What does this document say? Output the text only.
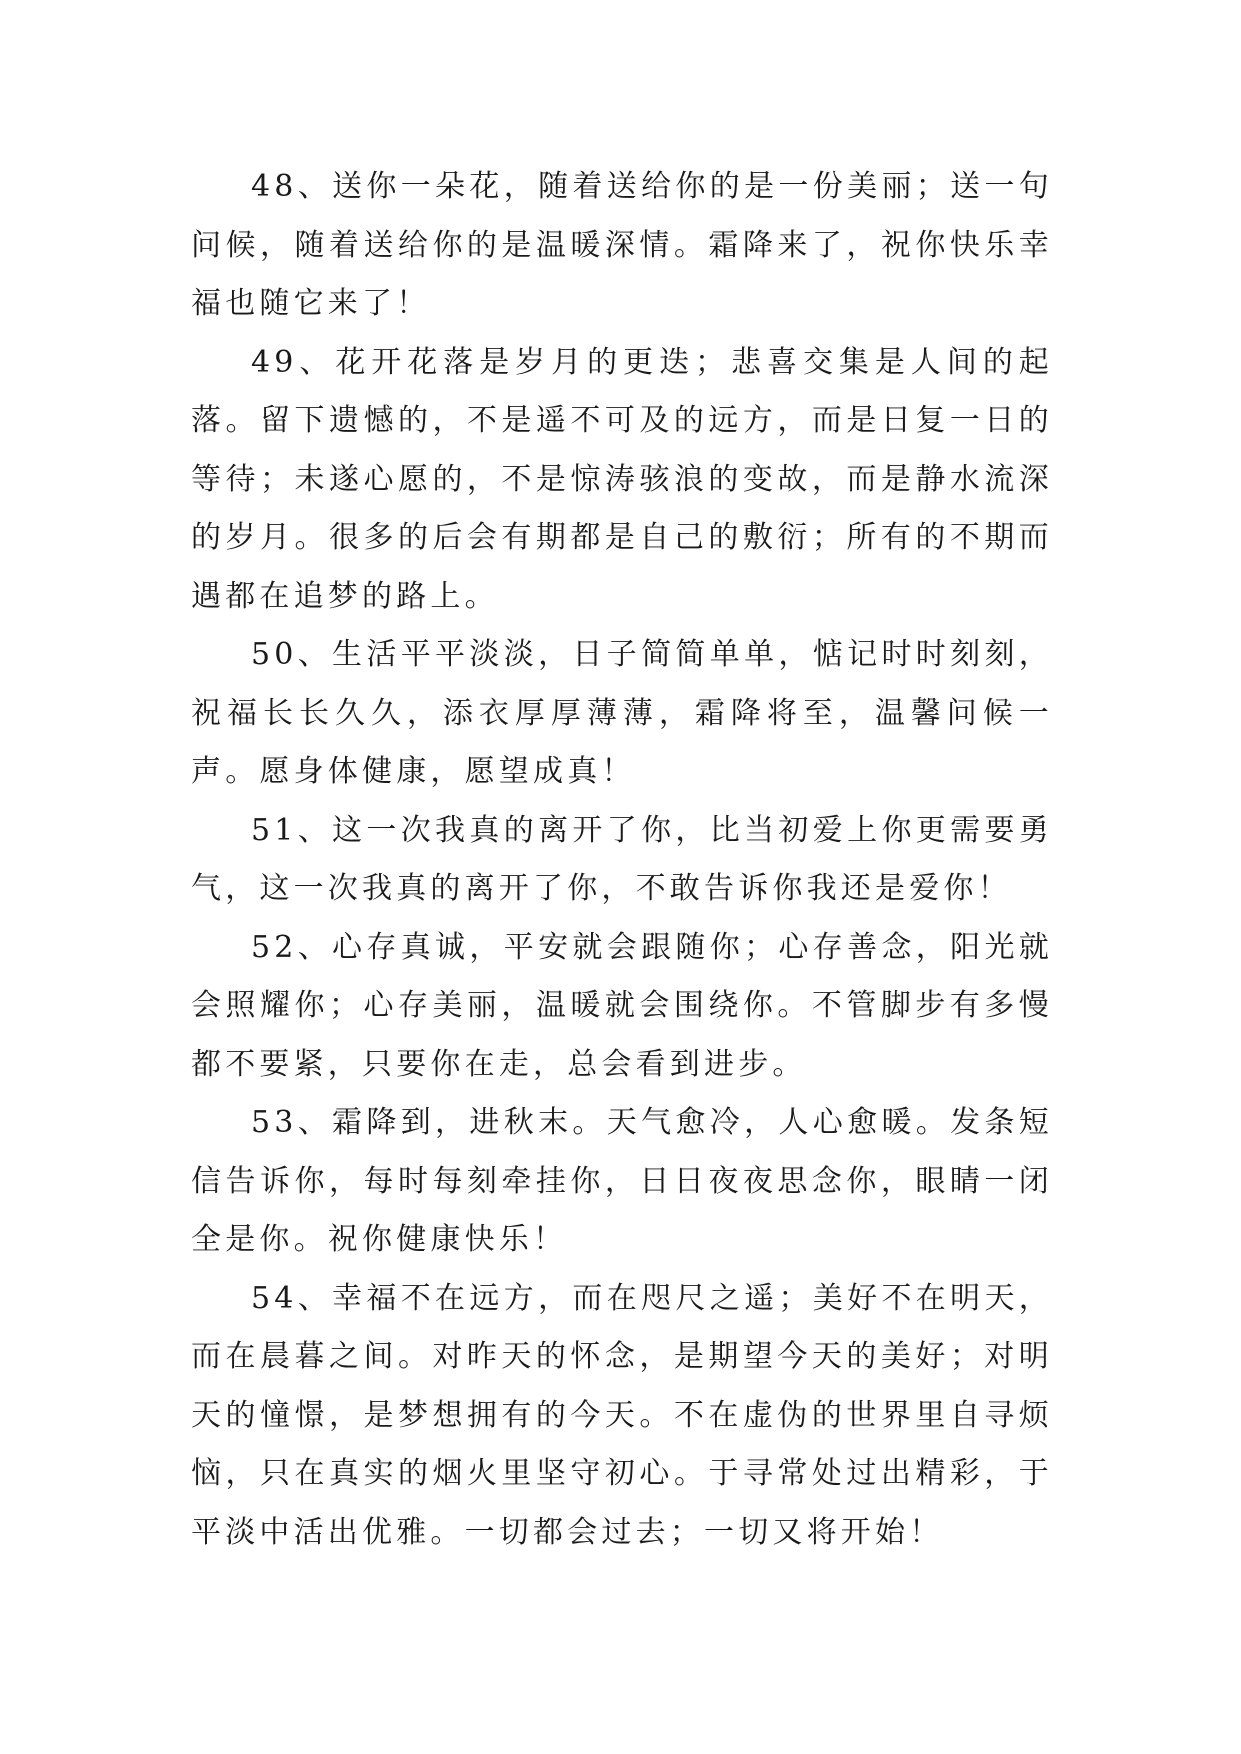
48、送你一朵花，随着送给你的是一份美丽；送一句问候，随着送给你的是温暖深情。霜降来了，祝你快乐幸福也随它来了！

49、花开花落是岁月的更迭；悲喜交集是人间的起落。留下遗憾的，不是遥不可及的远方，而是日复一日的等待；未遂心愿的，不是惊涛骇浪的变故，而是静水流深的岁月。很多的后会有期都是自己的敷衍；所有的不期而遇都在追梦的路上。

50、生活平平淡淡，日子简简单单，惦记时时刻刻，祝福长长久久，添衣厚厚薄薄，霜降将至，温馨问候一声。愿身体健康，愿望成真！

51、这一次我真的离开了你，比当初爱上你更需要勇气，这一次我真的离开了你，不敢告诉你我还是爱你！

52、心存真诚，平安就会跟随你；心存善念，阳光就会照耀你；心存美丽，温暖就会围绕你。不管脚步有多慢都不要紧，只要你在走，总会看到进步。

53、霜降到，进秋末。天气愈冷，人心愈暖。发条短信告诉你，每时每刻牵挂你，日日夜夜思念你，眼睛一闭全是你。祝你健康快乐！

54、幸福不在远方，而在咫尺之遥；美好不在明天，而在晨暮之间。对昨天的怀念，是期望今天的美好；对明天的憧憬，是梦想拥有的今天。不在虚伪的世界里自寻烦恼，只在真实的烟火里坚守初心。于寻常处过出精彩，于平淡中活出优雅。一切都会过去；一切又将开始！
